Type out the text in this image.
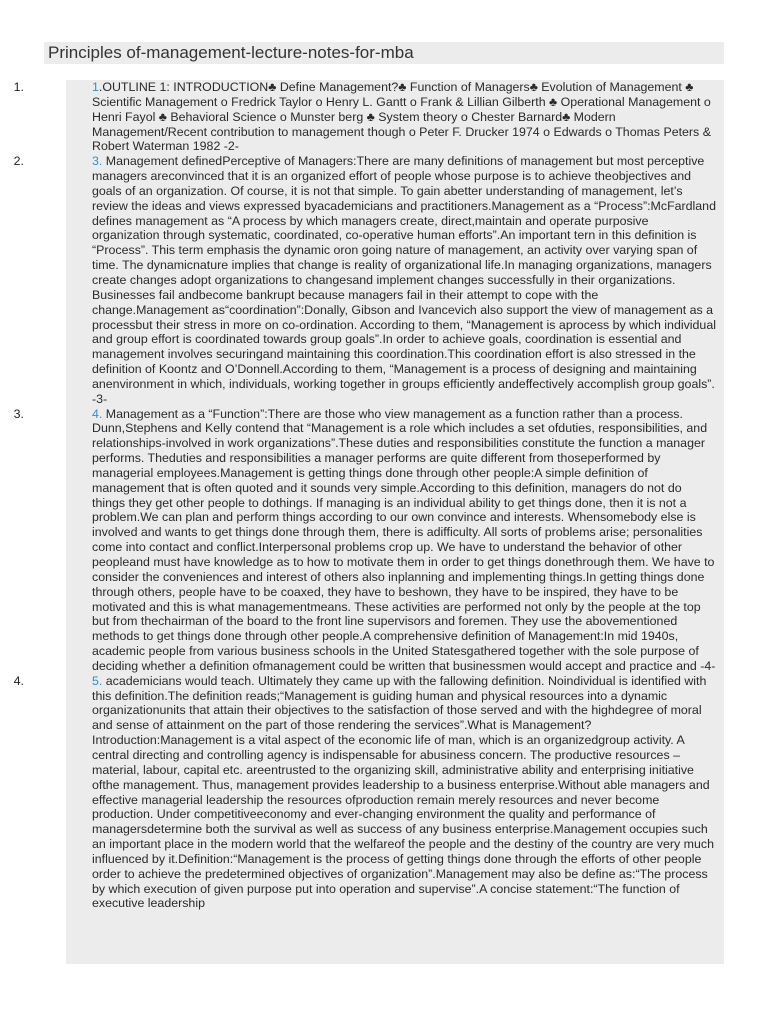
Principles of-management-lecture-notes-for-mba
1 .	1.OUTLINE 1: INTRODUCTION♣ Define Management?♣ Function of Managers♣ Evolution of Management ♣ Scientific Management o Fredrick Taylor o Henry L. Gantt o Frank & Lillian Gilberth ♣ Operational Management o Henri Fayol ♣ Behavioral Science o Munster berg ♣ System theory o Chester Barnard♣ Modern Management/Recent contribution to management though o Peter F. Drucker 1974 o Edwards o Thomas Peters & Robert Waterman 1982 -2-
2 .	3. Management definedPerceptive of Managers:There are many definitions of management but most perceptive managers areconvinced that it is an organized effort of people whose purpose is to achieve theobjectives and goals of an organization. Of course, it is not that simple. To gain abetter understanding of management, let’s review the ideas and views expressed byacademicians and practitioners.Management as a “Process”:McFardland defines management as “A process by which managers create, direct,maintain and operate purposive organization through systematic, coordinated, co-operative human efforts”.An important tern in this definition is “Process”. This term emphasis the dynamic oron going nature of management, an activity over varying span of time. The dynamicnature implies that change is reality of organizational life.In managing organizations, managers create changes adopt organizations to changesand implement changes successfully in their organizations. Businesses fail andbecome bankrupt because managers fail in their attempt to cope with the change.Management as“coordination”:Donally, Gibson and Ivancevich also support the view of management as a processbut their stress in more on co-ordination. According to them, “Management is aprocess by which individual and group effort is coordinated towards group goals”.In order to achieve goals, coordination is essential and management involves securingand maintaining this coordination.This coordination effort is also stressed in the definition of Koontz and O’Donnell.According to them, “Management is a process of designing and maintaining anenvironment in which, individuals, working together in groups efficiently andeffectively accomplish group goals”. -3-
3 .	4. Management as a “Function”:There are those who view management as a function rather than a process. Dunn,Stephens and Kelly contend that “Management is a role which includes a set ofduties, responsibilities, and relationships-involved in work organizations”.These duties and responsibilities constitute the function a manager performs. Theduties and responsibilities a manager performs are quite different from thoseperformed by managerial employees.Management is getting things done through other people:A simple definition of management that is often quoted and it sounds very simple.According to this definition, managers do not do things they get other people to dothings. If managing is an individual ability to get things done, then it is not a problem.We can plan and perform things according to our own convince and interests. Whensomebody else is involved and wants to get things done through them, there is adifficulty. All sorts of problems arise; personalities come into contact and conflict.Interpersonal problems crop up. We have to understand the behavior of other peopleand must have knowledge as to how to motivate them in order to get things donethrough them. We have to consider the conveniences and interest of others also inplanning and implementing things.In getting things done through others, people have to be coaxed, they have to beshown, they have to be inspired, they have to be motivated and this is what managementmeans. These activities are performed not only by the people at the top but from thechairman of the board to the front line supervisors and foremen. They use the abovementioned methods to get things done through other people.A comprehensive definition of Management:In mid 1940s, academic people from various business schools in the United Statesgathered together with the sole purpose of deciding whether a definition ofmanagement could be written that businessmen would accept and practice and -4-
4 .	5. academicians would teach. Ultimately they came up with the fallowing definition. Noindividual is identified with this definition.The definition reads;“Management is guiding human and physical resources into a dynamic organizationunits that attain their objectives to the satisfaction of those served and with the highdegree of moral and sense of attainment on the part of those rendering the services”.What is Management?Introduction:Management is a vital aspect of the economic life of man, which is an organizedgroup activity. A central directing and controlling agency is indispensable for abusiness concern. The productive resources – material, labour, capital etc. areentrusted to the organizing skill, administrative ability and enterprising initiative ofthe management. Thus, management provides leadership to a business enterprise.Without able managers and effective managerial leadership the resources ofproduction remain merely resources and never become production. Under competitiveeconomy and ever-changing environment the quality and performance of managersdetermine both the survival as well as success of any business enterprise.Management occupies such an important place in the modern world that the welfareof the people and the destiny of the country are very much influenced by it.Definition:“Management is the process of getting things done through the efforts of other people order to achieve the predetermined objectives of organization”.Management may also be define as:“The process by which execution of given purpose put into operation and supervise”.A concise statement:“The function of executive leadership
